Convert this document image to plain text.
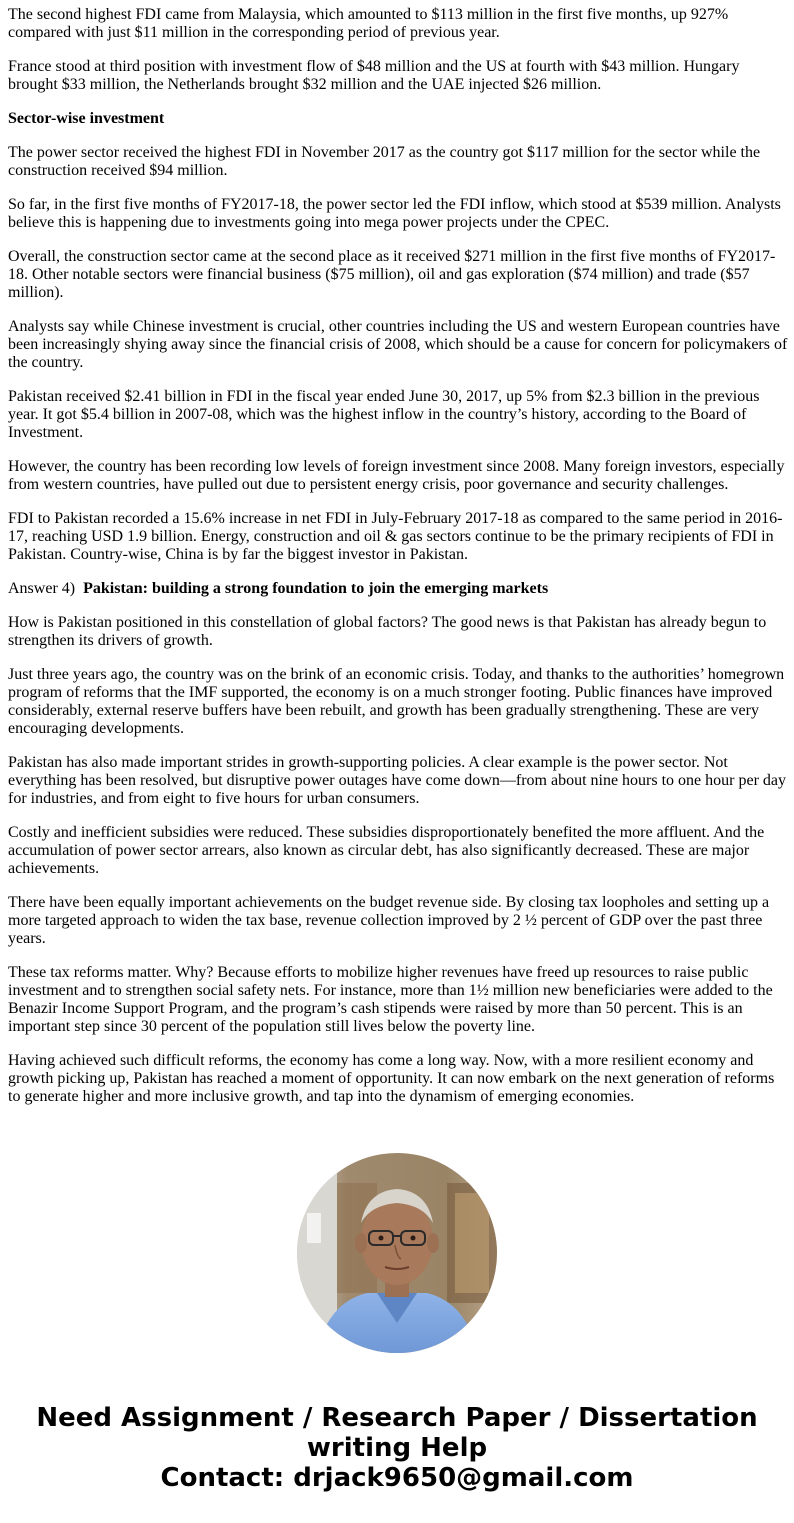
The second highest FDI came from Malaysia, which amounted to $113 million in the first five months, up 927% compared with just $11 million in the corresponding period of previous year.

France stood at third position with investment flow of $48 million and the US at fourth with $43 million. Hungary brought $33 million, the Netherlands brought $32 million and the UAE injected $26 million.

Sector-wise investment

The power sector received the highest FDI in November 2017 as the country got $117 million for the sector while the construction received $94 million.

So far, in the first five months of FY2017-18, the power sector led the FDI inflow, which stood at $539 million. Analysts believe this is happening due to investments going into mega power projects under the CPEC.

Overall, the construction sector came at the second place as it received $271 million in the first five months of FY2017-18. Other notable sectors were financial business ($75 million), oil and gas exploration ($74 million) and trade ($57 million).

Analysts say while Chinese investment is crucial, other countries including the US and western European countries have been increasingly shying away since the financial crisis of 2008, which should be a cause for concern for policymakers of the country.

Pakistan received $2.41 billion in FDI in the fiscal year ended June 30, 2017, up 5% from $2.3 billion in the previous year. It got $5.4 billion in 2007-08, which was the highest inflow in the country’s history, according to the Board of Investment.

However, the country has been recording low levels of foreign investment since 2008. Many foreign investors, especially from western countries, have pulled out due to persistent energy crisis, poor governance and security challenges.

FDI to Pakistan recorded a 15.6% increase in net FDI in July-February 2017-18 as compared to the same period in 2016-17, reaching USD 1.9 billion. Energy, construction and oil & gas sectors continue to be the primary recipients of FDI in Pakistan. Country-wise, China is by far the biggest investor in Pakistan.

Answer 4) Pakistan: building a strong foundation to join the emerging markets

How is Pakistan positioned in this constellation of global factors? The good news is that Pakistan has already begun to strengthen its drivers of growth.

Just three years ago, the country was on the brink of an economic crisis. Today, and thanks to the authorities’ homegrown program of reforms that the IMF supported, the economy is on a much stronger footing. Public finances have improved considerably, external reserve buffers have been rebuilt, and growth has been gradually strengthening. These are very encouraging developments.

Pakistan has also made important strides in growth-supporting policies. A clear example is the power sector. Not everything has been resolved, but disruptive power outages have come down—from about nine hours to one hour per day for industries, and from eight to five hours for urban consumers.

Costly and inefficient subsidies were reduced. These subsidies disproportionately benefited the more affluent. And the accumulation of power sector arrears, also known as circular debt, has also significantly decreased. These are major achievements.

There have been equally important achievements on the budget revenue side. By closing tax loopholes and setting up a more targeted approach to widen the tax base, revenue collection improved by 2 ½ percent of GDP over the past three years.

These tax reforms matter. Why? Because efforts to mobilize higher revenues have freed up resources to raise public investment and to strengthen social safety nets. For instance, more than 1½ million new beneficiaries were added to the Benazir Income Support Program, and the program’s cash stipends were raised by more than 50 percent. This is an important step since 30 percent of the population still lives below the poverty line.

Having achieved such difficult reforms, the economy has come a long way. Now, with a more resilient economy and growth picking up, Pakistan has reached a moment of opportunity. It can now embark on the next generation of reforms to generate higher and more inclusive growth, and tap into the dynamism of emerging economies.

Need Assignment / Research Paper / Dissertation
writing Help
Contact: drjack9650@gmail.com
